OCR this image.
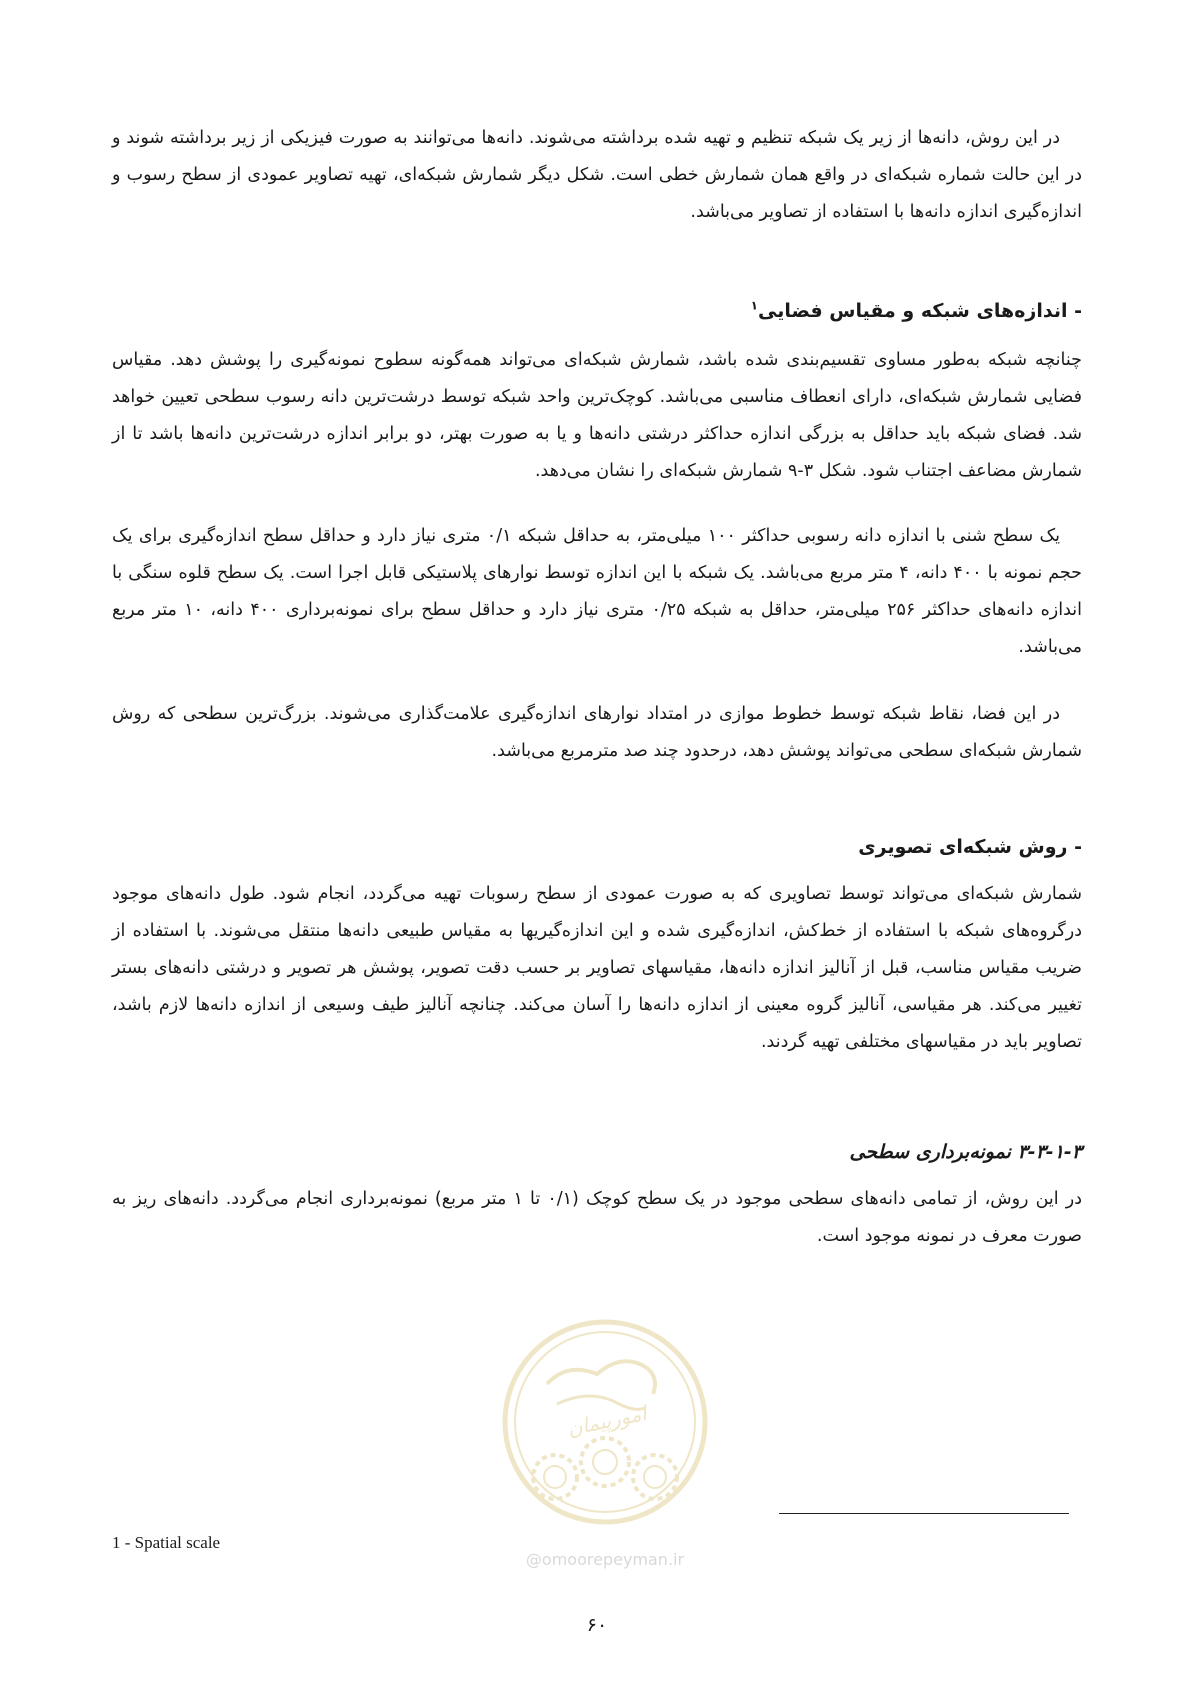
در این روش، دانه‌ها از زیر یک شبکه تنظیم و تهیه شده برداشته می‌شوند. دانه‌ها می‌توانند به صورت فیزیکی از زیر برداشته شوند و در این حالت شماره شبکه‌ای در واقع همان شمارش خطی است. شکل دیگر شمارش شبکه‌ای، تهیه تصاویر عمودی از سطح رسوب و اندازه‌گیری اندازه دانه‌ها با استفاده از تصاویر می‌باشد.

- اندازه‌های شبکه و مقیاس فضایی$^۱$

چنانچه شبکه به‌طور مساوی تقسیم‌بندی شده باشد، شمارش شبکه‌ای می‌تواند همه‌گونه سطوح نمونه‌گیری را پوشش دهد. مقیاس فضایی شمارش شبکه‌ای، دارای انعطاف مناسبی می‌باشد. کوچک‌ترین واحد شبکه توسط درشت‌ترین دانه رسوب سطحی تعیین خواهد شد. فضای شبکه باید حداقل به بزرگی اندازه حداکثر درشتی دانه‌ها و یا به صورت بهتر، دو برابر اندازه درشت‌ترین دانه‌ها باشد تا از شمارش مضاعف اجتناب شود. شکل ۳-۹ شمارش شبکه‌ای را نشان می‌دهد.

یک سطح شنی با اندازه دانه رسوبی حداکثر ۱۰۰ میلی‌متر، به حداقل شبکه ۰/۱ متری نیاز دارد و حداقل سطح اندازه‌گیری برای یک حجم نمونه با ۴۰۰ دانه، ۴ متر مربع می‌باشد. یک شبکه با این اندازه توسط نوارهای پلاستیکی قابل اجرا است. یک سطح قلوه سنگی با اندازه دانه‌های حداکثر ۲۵۶ میلی‌متر، حداقل به شبکه ۰/۲۵ متری نیاز دارد و حداقل سطح برای نمونه‌برداری ۴۰۰ دانه، ۱۰ متر مربع می‌باشد.

در این فضا، نقاط شبکه توسط خطوط موازی در امتداد نوارهای اندازه‌گیری علامت‌گذاری می‌شوند. بزرگ‌ترین سطحی که روش شمارش شبکه‌ای سطحی می‌تواند پوشش دهد، درحدود چند صد مترمربع می‌باشد.

- روش شبکه‌ای تصویری

شمارش شبکه‌ای می‌تواند توسط تصاویری که به صورت عمودی از سطح رسوبات تهیه می‌گردد، انجام شود. طول دانه‌های موجود درگروه‌های شبکه با استفاده از خط‌کش، اندازه‌گیری شده و این اندازه‌گیریها به مقیاس طبیعی دانه‌ها منتقل می‌شوند. با استفاده از ضریب مقیاس مناسب، قبل از آنالیز اندازه دانه‌ها، مقیاسهای تصاویر بر حسب دقت تصویر، پوشش هر تصویر و درشتی دانه‌های بستر تغییر می‌کند. هر مقیاسی، آنالیز گروه معینی از اندازه دانه‌ها را آسان می‌کند. چنانچه آنالیز طیف وسیعی از اندازه دانه‌ها لازم باشد، تصاویر باید در مقیاسهای مختلفی تهیه گردند.

۳-۳-۱-۳ نمونه‌برداری سطحی

در این روش، از تمامی دانه‌های سطحی موجود در یک سطح کوچک (۰/۱ تا ۱ متر مربع) نمونه‌برداری انجام می‌گردد. دانه‌های ریز به صورت معرف در نمونه موجود است.

امورپیمان
@omoorepeyman.ir
1 - Spatial scale
۶۰
